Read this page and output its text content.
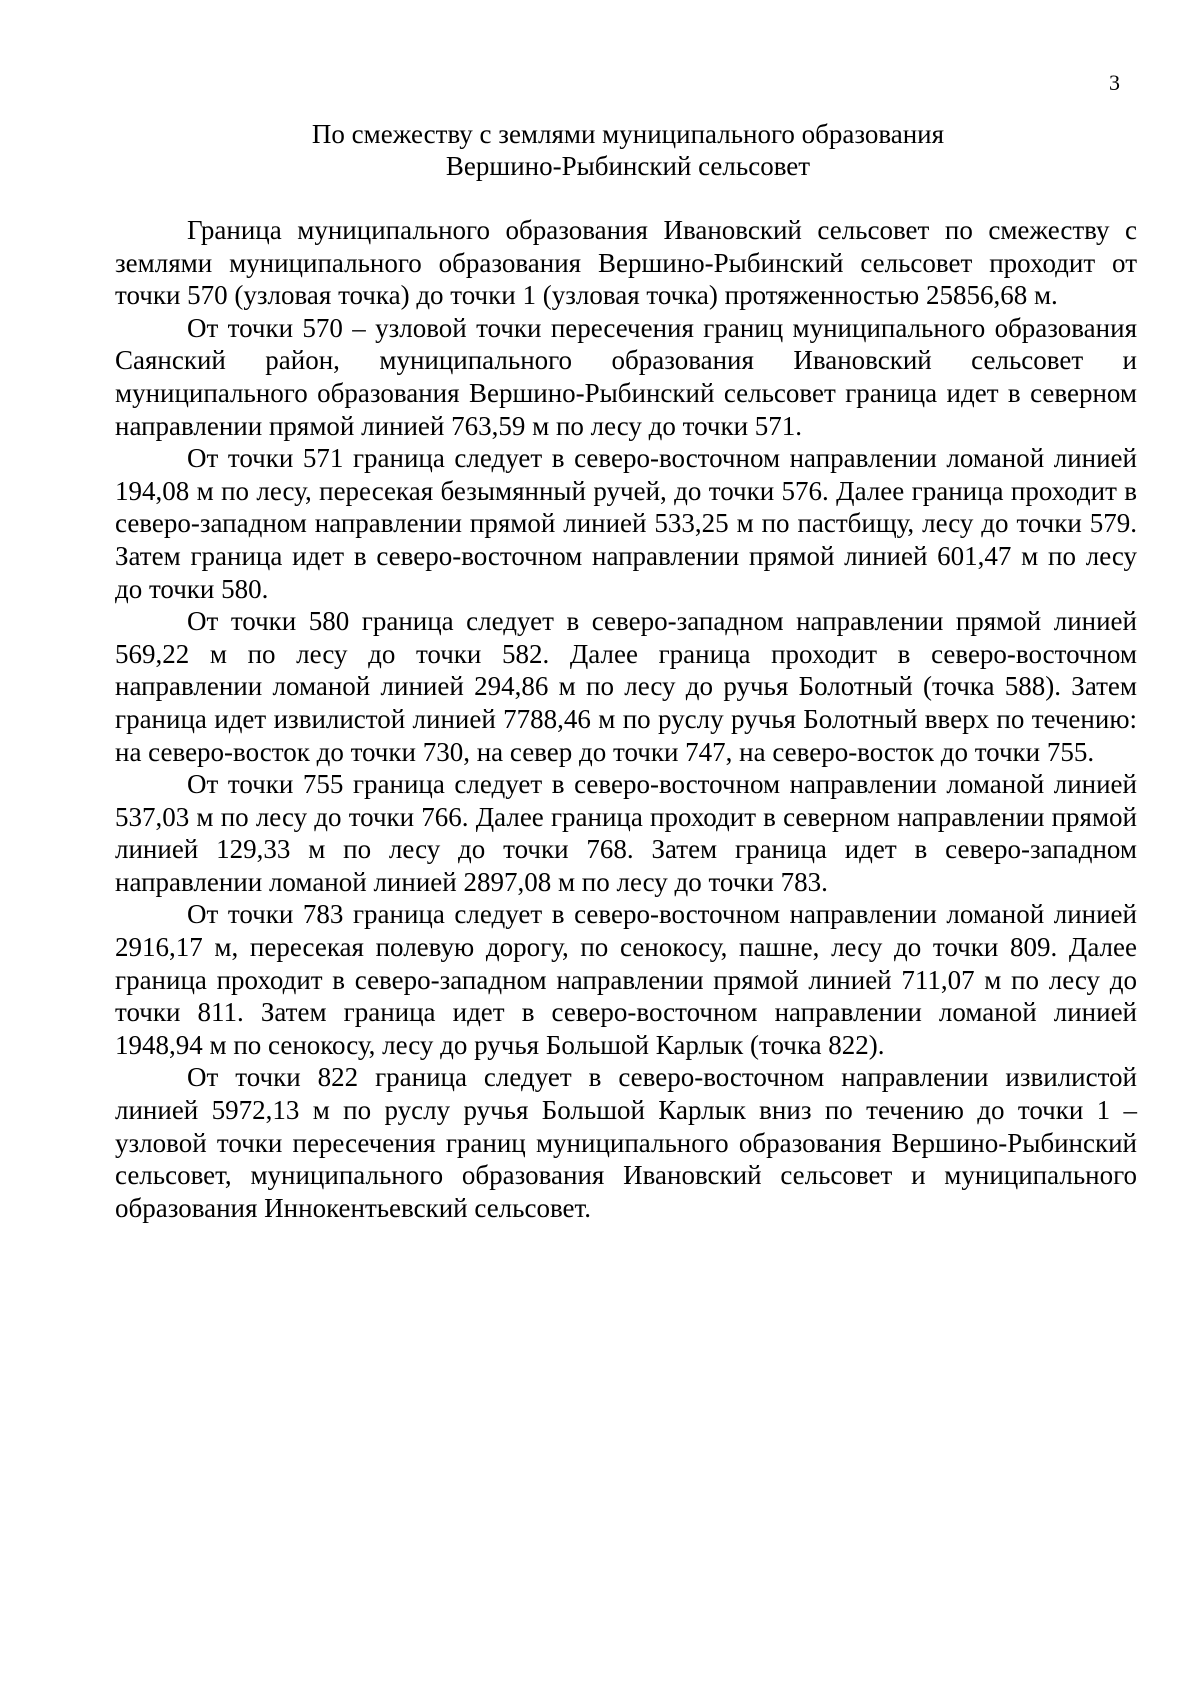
3
По смежеству с землями муниципального образования
Вершино-Рыбинский сельсовет

Граница муниципального образования Ивановский сельсовет по смежеству с землями муниципального образования Вершино-Рыбинский сельсовет проходит от точки 570 (узловая точка) до точки 1 (узловая точка) протяженностью 25856,68 м.

От точки 570 – узловой точки пересечения границ муниципального образования Саянский район, муниципального образования Ивановский сельсовет и муниципального образования Вершино-Рыбинский сельсовет граница идет в северном направлении прямой линией 763,59 м по лесу до точки 571.

От точки 571 граница следует в северо-восточном направлении ломаной линией 194,08 м по лесу, пересекая безымянный ручей, до точки 576. Далее граница проходит в северо-западном направлении прямой линией 533,25 м по пастбищу, лесу до точки 579. Затем граница идет в северо-восточном направлении прямой линией 601,47 м по лесу до точки 580.

От точки 580 граница следует в северо-западном направлении прямой линией 569,22 м по лесу до точки 582. Далее граница проходит в северо-восточном направлении ломаной линией 294,86 м по лесу до ручья Болотный (точка 588). Затем граница идет извилистой линией 7788,46 м по руслу ручья Болотный вверх по течению: на северо-восток до точки 730, на север до точки 747, на северо-восток до точки 755.

От точки 755 граница следует в северо-восточном направлении ломаной линией 537,03 м по лесу до точки 766. Далее граница проходит в северном направлении прямой линией 129,33 м по лесу до точки 768. Затем граница идет в северо-западном направлении ломаной линией 2897,08 м по лесу до точки 783.

От точки 783 граница следует в северо-восточном направлении ломаной линией 2916,17 м, пересекая полевую дорогу, по сенокосу, пашне, лесу до точки 809. Далее граница проходит в северо-западном направлении прямой линией 711,07 м по лесу до точки 811. Затем граница идет в северо-восточном направлении ломаной линией 1948,94 м по сенокосу, лесу до ручья Большой Карлык (точка 822).

От точки 822 граница следует в северо-восточном направлении извилистой линией 5972,13 м по руслу ручья Большой Карлык вниз по течению до точки 1 – узловой точки пересечения границ муниципального образования Вершино-Рыбинский сельсовет, муниципального образования Ивановский сельсовет и муниципального образования Иннокентьевский сельсовет.
